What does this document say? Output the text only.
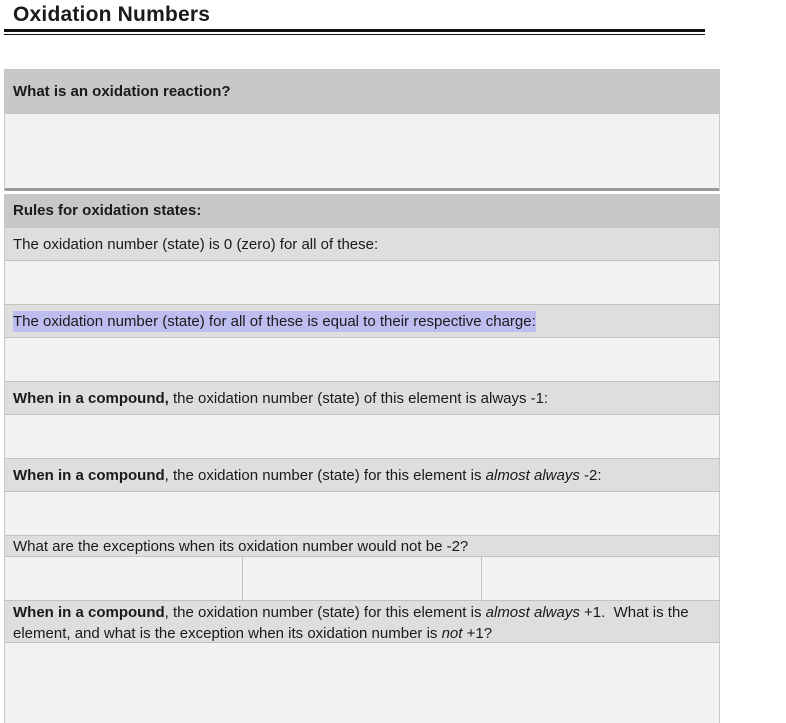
Oxidation Numbers
What is an oxidation reaction?
Rules for oxidation states:
The oxidation number (state) is 0 (zero) for all of these:
The oxidation number (state) for all of these is equal to their respective charge:
When in a compound, the oxidation number (state) of this element is always -1:
When in a compound, the oxidation number (state) for this element is almost always -2:
What are the exceptions when its oxidation number would not be -2?
When in a compound, the oxidation number (state) for this element is almost always +1.  What is the element, and what is the exception when its oxidation number is not +1?
